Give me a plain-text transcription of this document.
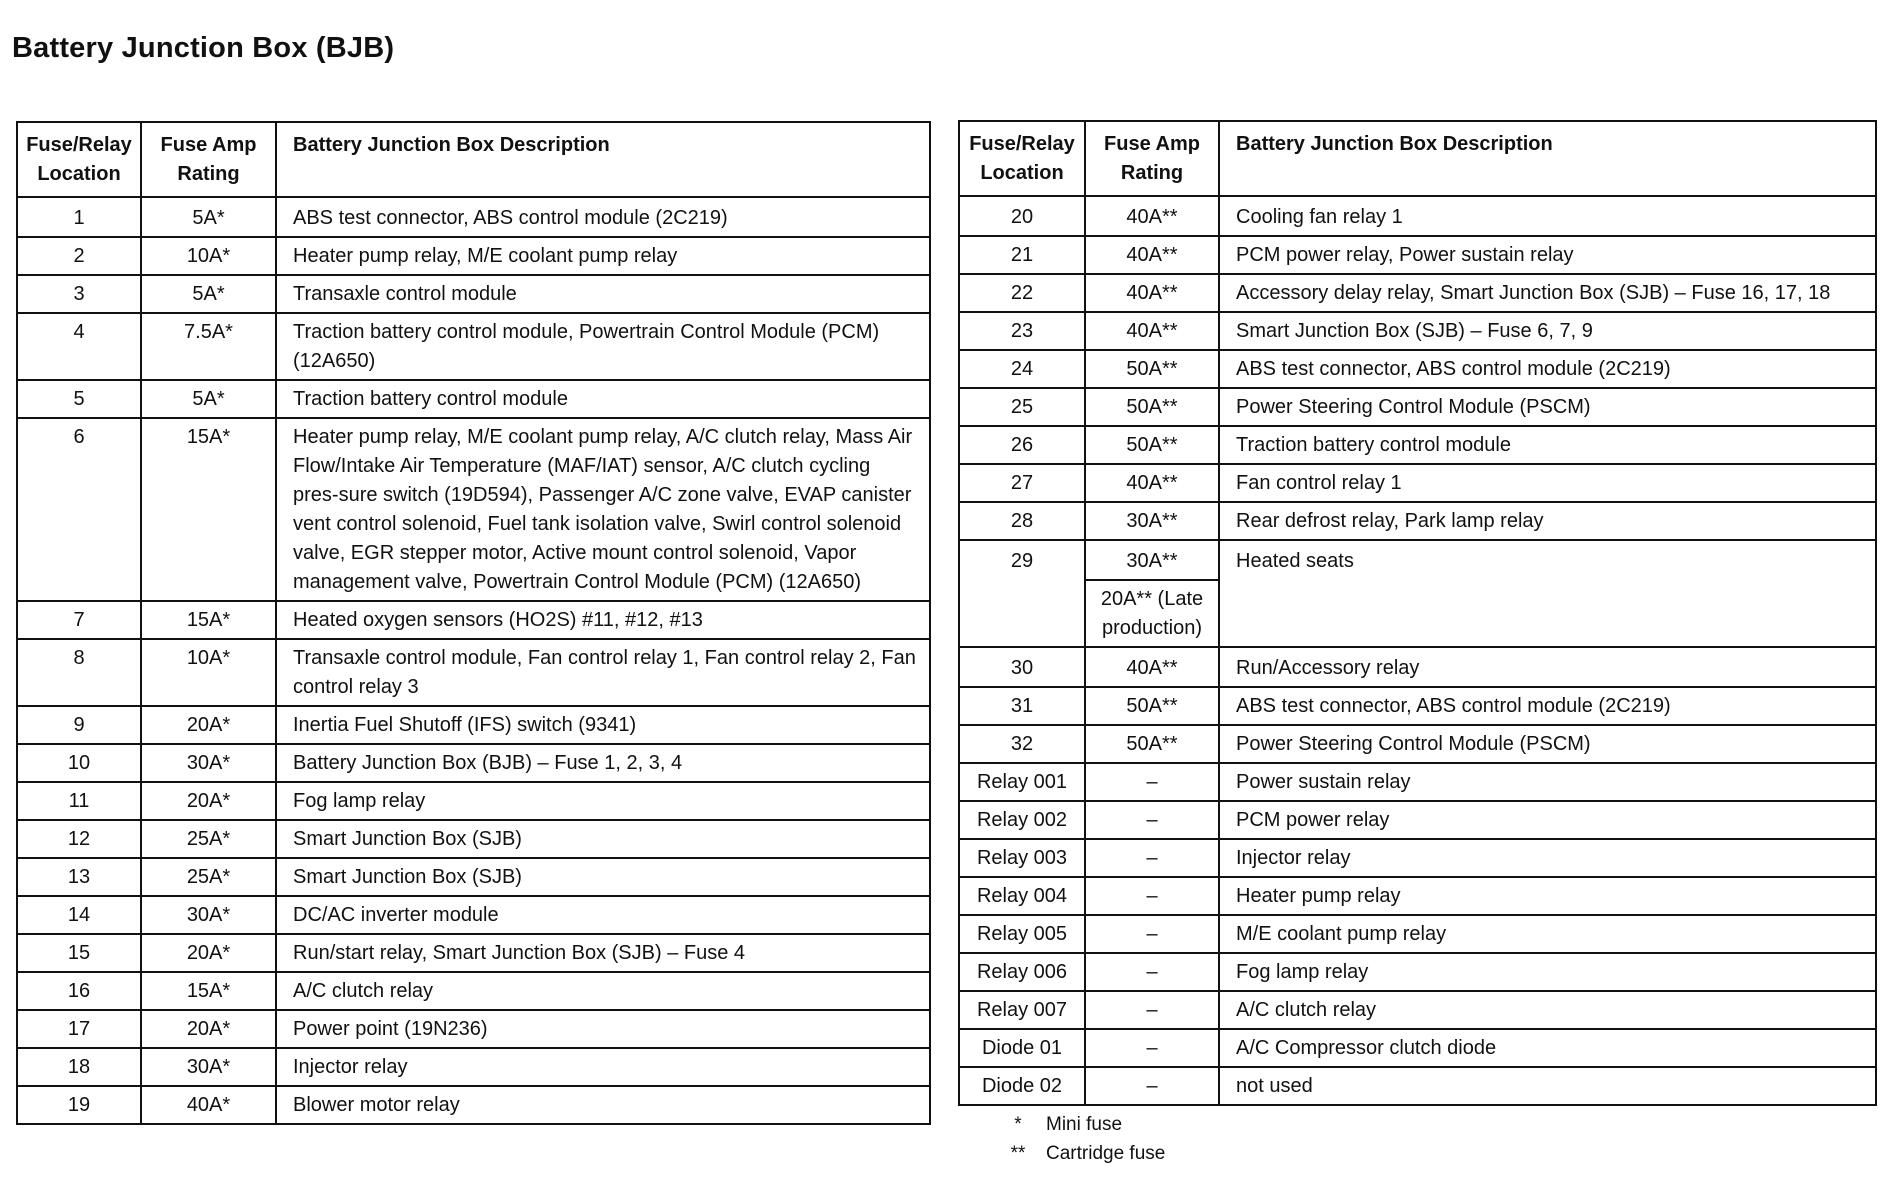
Battery Junction Box (BJB)
Fuse/Relay Location	Fuse Amp Rating	Battery Junction Box Description
1	5A*	ABS test connector, ABS control module (2C219)
2	10A*	Heater pump relay, M/E coolant pump relay
3	5A*	Transaxle control module
4	7.5A*	Traction battery control module, Powertrain Control Module (PCM) (12A650)
5	5A*	Traction battery control module
6	15A*	Heater pump relay, M/E coolant pump relay, A/C clutch relay, Mass Air Flow/Intake Air Temperature (MAF/IAT) sensor, A/C clutch cycling pres-sure switch (19D594), Passenger A/C zone valve, EVAP canister vent control solenoid, Fuel tank isolation valve, Swirl control solenoid valve, EGR stepper motor, Active mount control solenoid, Vapor management valve, Powertrain Control Module (PCM) (12A650)
7	15A*	Heated oxygen sensors (HO2S) #11, #12, #13
8	10A*	Transaxle control module, Fan control relay 1, Fan control relay 2, Fan control relay 3
9	20A*	Inertia Fuel Shutoff (IFS) switch (9341)
10	30A*	Battery Junction Box (BJB) – Fuse 1, 2, 3, 4
11	20A*	Fog lamp relay
12	25A*	Smart Junction Box (SJB)
13	25A*	Smart Junction Box (SJB)
14	30A*	DC/AC inverter module
15	20A*	Run/start relay, Smart Junction Box (SJB) – Fuse 4
16	15A*	A/C clutch relay
17	20A*	Power point (19N236)
18	30A*	Injector relay
19	40A*	Blower motor relay
Fuse/Relay Location	Fuse Amp Rating	Battery Junction Box Description
20	40A**	Cooling fan relay 1
21	40A**	PCM power relay, Power sustain relay
22	40A**	Accessory delay relay, Smart Junction Box (SJB) – Fuse 16, 17, 18
23	40A**	Smart Junction Box (SJB) – Fuse 6, 7, 9
24	50A**	ABS test connector, ABS control module (2C219)
25	50A**	Power Steering Control Module (PSCM)
26	50A**	Traction battery control module
27	40A**	Fan control relay 1
28	30A**	Rear defrost relay, Park lamp relay
29	30A**	Heated seats
	20A** (Late production)	
30	40A**	Run/Accessory relay
31	50A**	ABS test connector, ABS control module (2C219)
32	50A**	Power Steering Control Module (PSCM)
Relay 001	–	Power sustain relay
Relay 002	–	PCM power relay
Relay 003	–	Injector relay
Relay 004	–	Heater pump relay
Relay 005	–	M/E coolant pump relay
Relay 006	–	Fog lamp relay
Relay 007	–	A/C clutch relay
Diode 01	–	A/C Compressor clutch diode
Diode 02	–	not used
*	Mini fuse
**	Cartridge fuse
